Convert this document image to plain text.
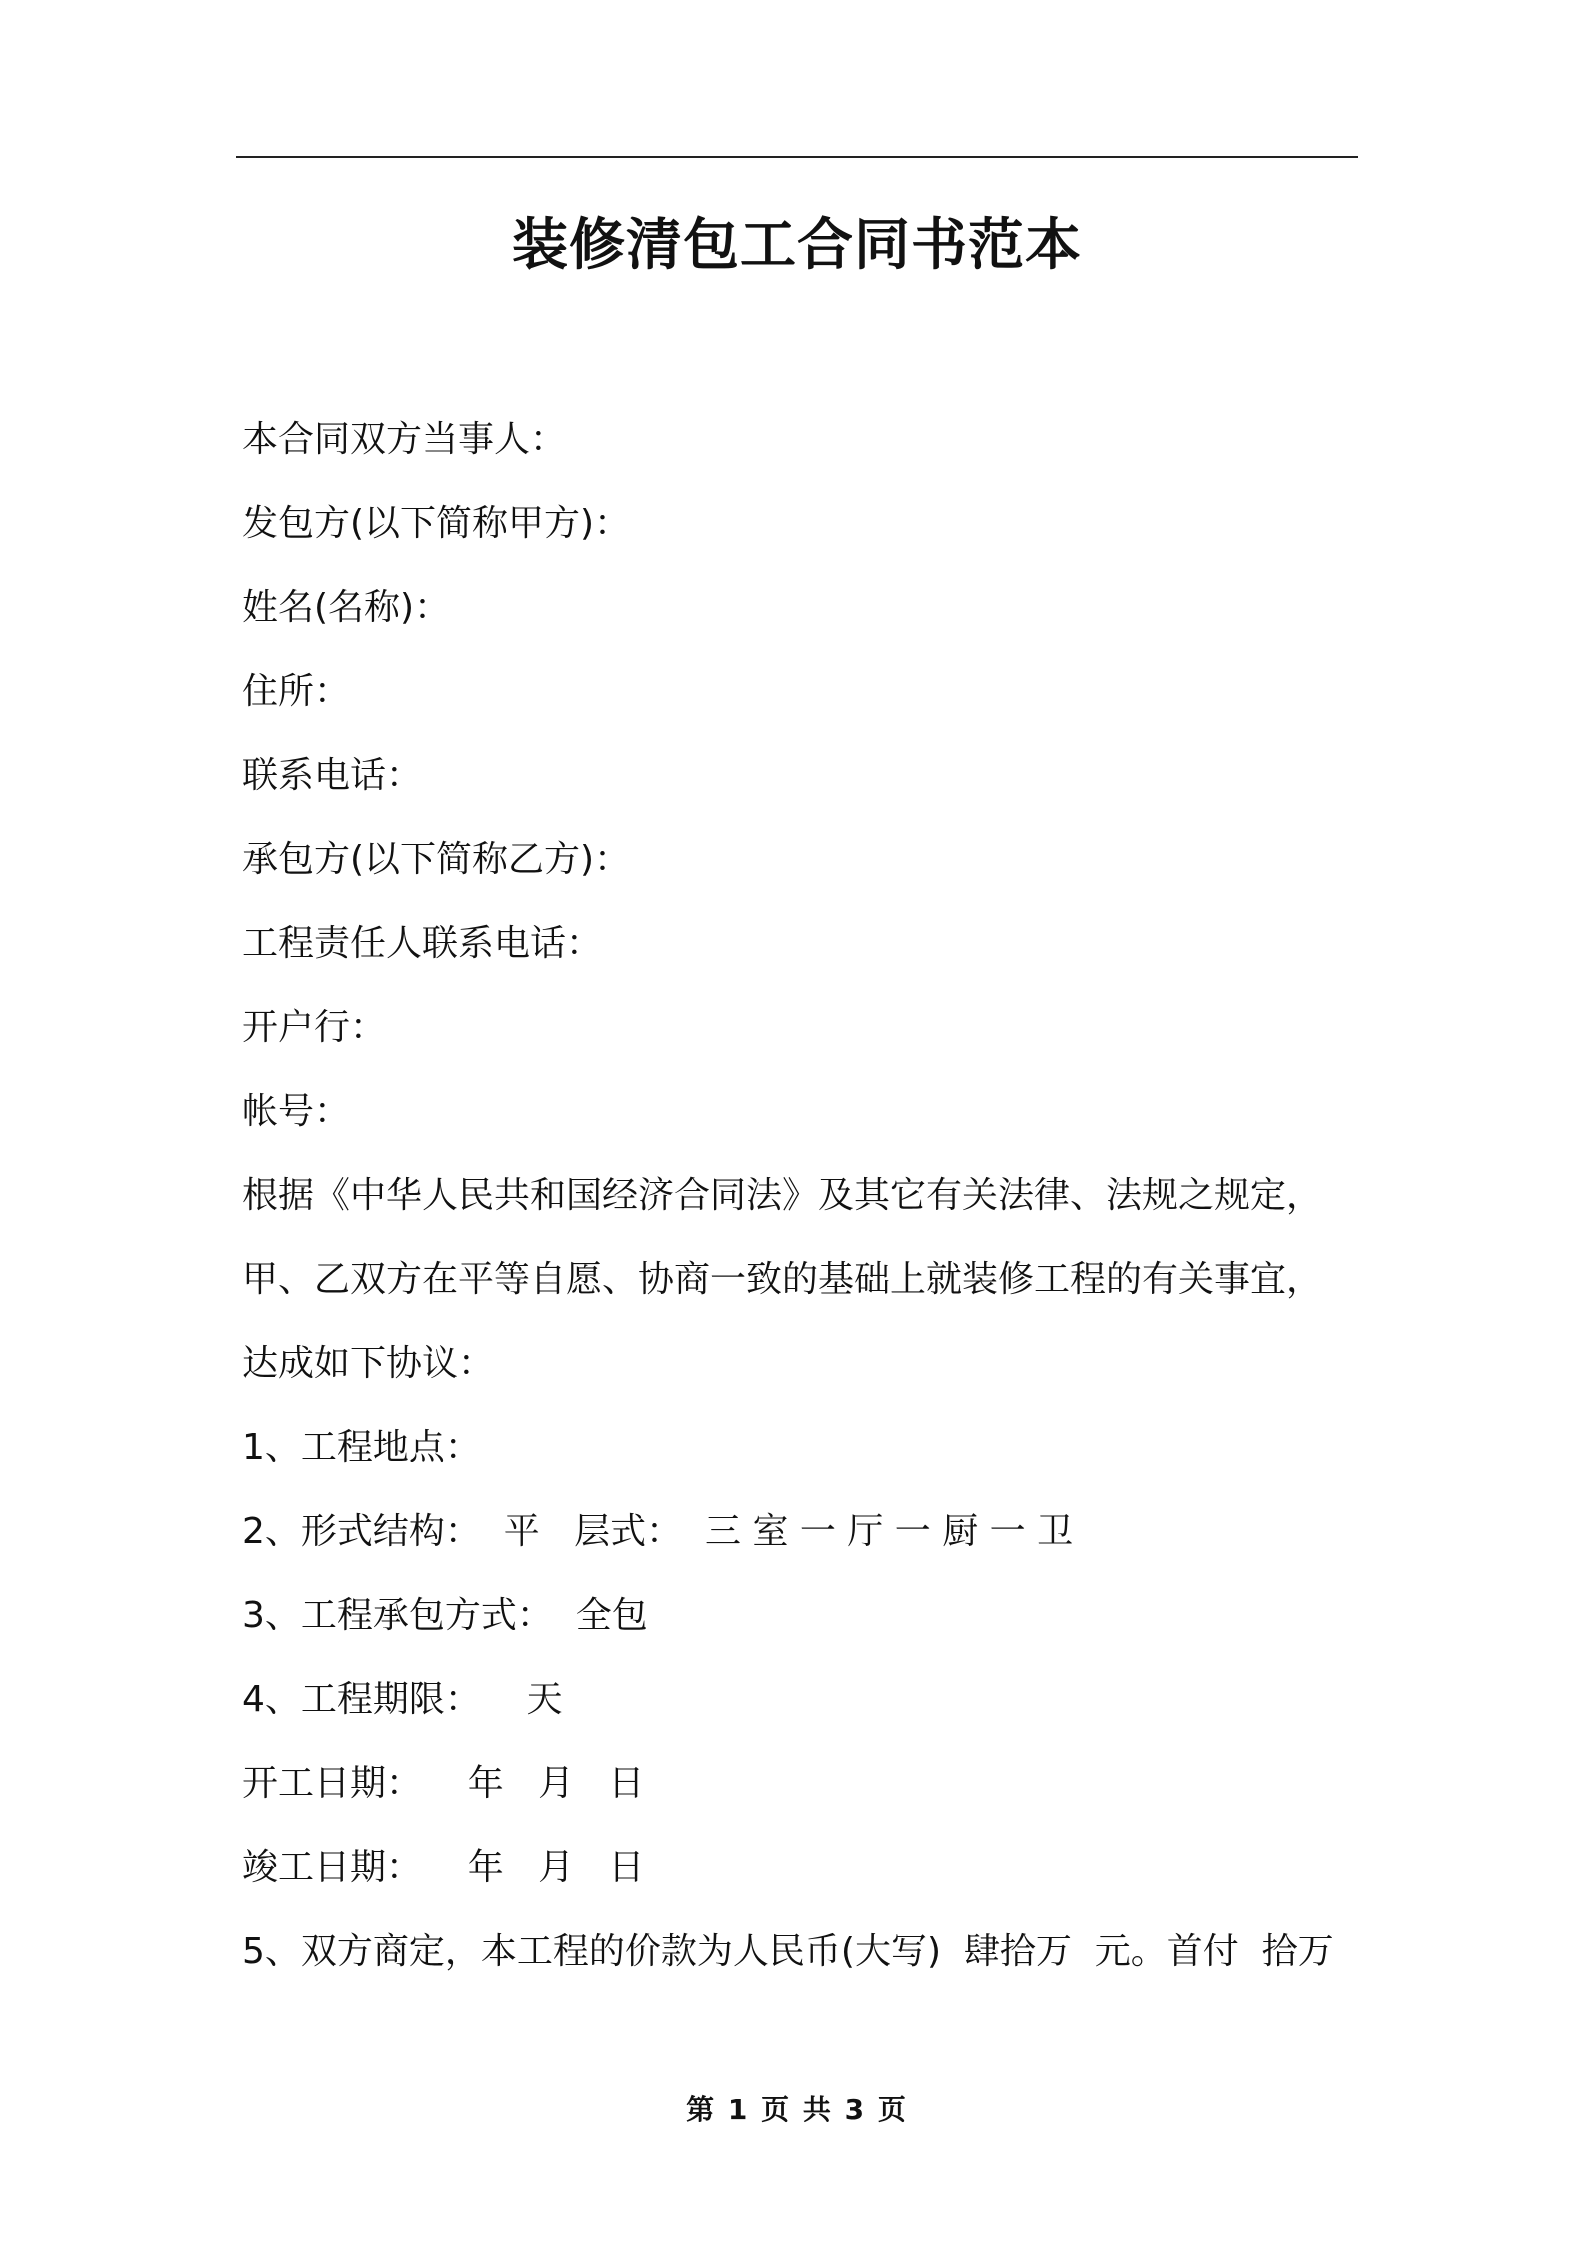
装修清包工合同书范本
本合同双方当事人：
发包方(以下简称甲方)：
姓名(名称)：
住所：
联系电话：
承包方(以下简称乙方)：
工程责任人联系电话：
开户行：
帐号：
根据《中华人民共和国经济合同法》及其它有关法律、法规之规定，
甲、乙双方在平等自愿、协商一致的基础上就装修工程的有关事宜，
达成如下协议：
1、工程地点：
2、形式结构：  平   层式：  三 室 一 厅 一 厨 一 卫
3、工程承包方式：  全包
4、工程期限：    天
开工日期：    年   月   日
竣工日期：    年   月   日
5、双方商定，本工程的价款为人民币(大写)  肆拾万  元。首付  拾万
第 1 页 共 3 页
